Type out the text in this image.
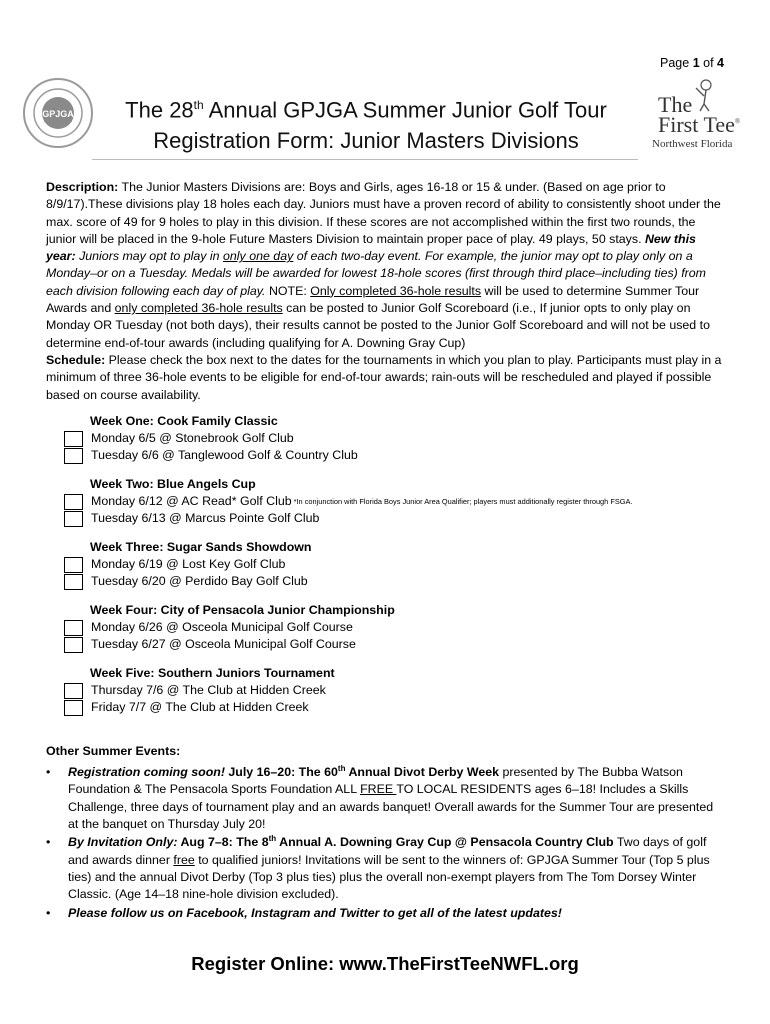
Page 1 of 4
GPJGA	The
First Tee®
Northwest Florida
The 28th Annual GPJGA Summer Junior Golf Tour
Registration Form: Junior Masters Divisions

Description: The Junior Masters Divisions are: Boys and Girls, ages 16-18 or 15 & under. (Based on age prior to 8/9/17).These divisions play 18 holes each day. Juniors must have a proven record of ability to consistently shoot under the max. score of 49 for 9 holes to play in this division. If these scores are not accomplished within the first two rounds, the junior will be placed in the 9-hole Future Masters Division to maintain proper pace of play. 49 plays, 50 stays. New this year: Juniors may opt to play in only one day of each two-day event. For example, the junior may opt to play only on a Monday–or on a Tuesday. Medals will be awarded for lowest 18-hole scores (first through third place–including ties) from each division following each day of play. NOTE: Only completed 36-hole results will be used to determine Summer Tour Awards and only completed 36-hole results can be posted to Junior Golf Scoreboard (i.e., If junior opts to only play on Monday OR Tuesday (not both days), their results cannot be posted to the Junior Golf Scoreboard and will not be used to determine end-of-tour awards (including qualifying for A. Downing Gray Cup)

Schedule: Please check the box next to the dates for the tournaments in which you plan to play. Participants must play in a minimum of three 36-hole events to be eligible for end-of-tour awards; rain-outs will be rescheduled and played if possible based on course availability.

Week One: Cook Family Classic
Monday 6/5 @ Stonebrook Golf Club
Tuesday 6/6 @ Tanglewood Golf & Country Club
Week Two: Blue Angels Cup
Monday 6/12 @ AC Read* Golf Club *In conjunction with Florida Boys Junior Area Qualifier; players must additionally register through FSGA.
Tuesday 6/13 @ Marcus Pointe Golf Club
Week Three: Sugar Sands Showdown
Monday 6/19 @ Lost Key Golf Club
Tuesday 6/20 @ Perdido Bay Golf Club
Week Four: City of Pensacola Junior Championship
Monday 6/26 @ Osceola Municipal Golf Course
Tuesday 6/27 @ Osceola Municipal Golf Course
Week Five: Southern Juniors Tournament
Thursday 7/6 @ The Club at Hidden Creek
Friday 7/7 @ The Club at Hidden Creek
Other Summer Events:
• Registration coming soon! July 16–20: The 60th Annual Divot Derby Week presented by The Bubba Watson Foundation & The Pensacola Sports Foundation ALL FREE TO LOCAL RESIDENTS ages 6–18! Includes a Skills Challenge, three days of tournament play and an awards banquet! Overall awards for the Summer Tour are presented at the banquet on Thursday July 20!
• By Invitation Only: Aug 7–8: The 8th Annual A. Downing Gray Cup @ Pensacola Country Club Two days of golf and awards dinner free to qualified juniors! Invitations will be sent to the winners of: GPJGA Summer Tour (Top 5 plus ties) and the annual Divot Derby (Top 3 plus ties) plus the overall non-exempt players from The Tom Dorsey Winter Classic. (Age 14–18 nine-hole division excluded).
• Please follow us on Facebook, Instagram and Twitter to get all of the latest updates!
Register Online: www.TheFirstTeeNWFL.org
